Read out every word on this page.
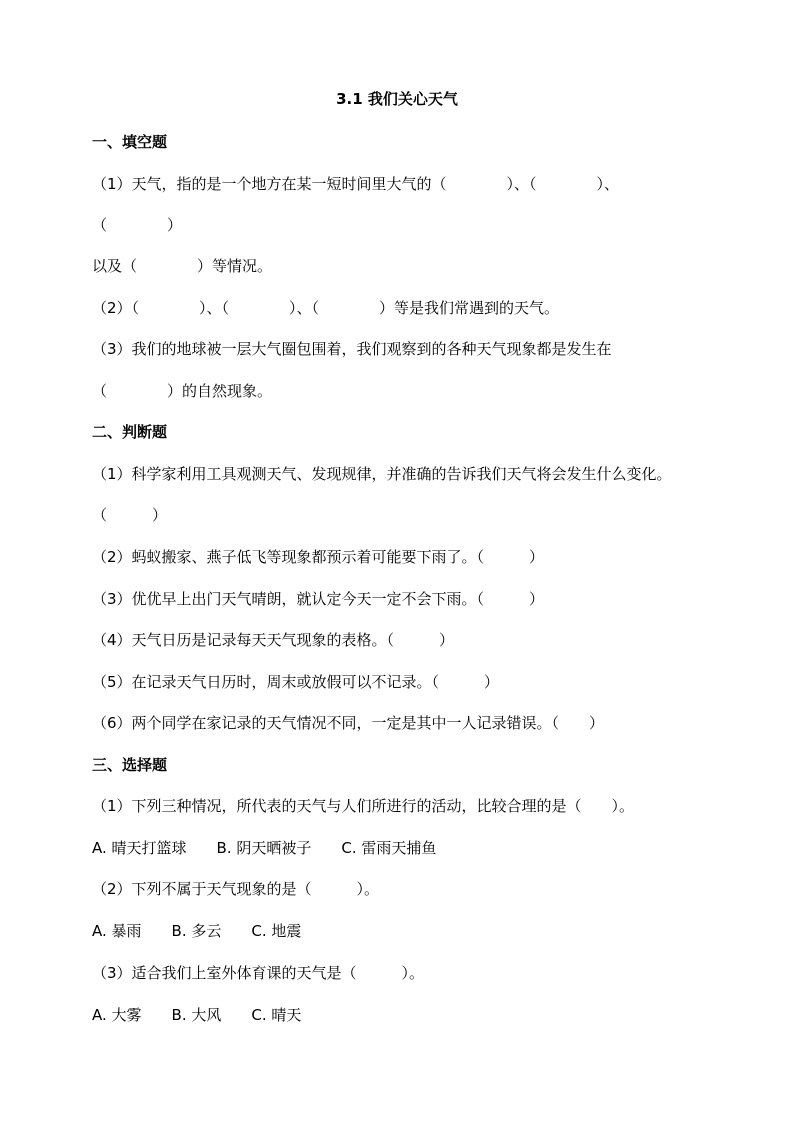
3.1 我们关心天气
一、填空题
（1）天气，指的是一个地方在某一短时间里大气的（　　　　）、（　　　　）、
（　　　　）
以及（　　　　）等情况。
（2）（　　　　）、（　　　　）、（　　　　）等是我们常遇到的天气。
（3）我们的地球被一层大气圈包围着，我们观察到的各种天气现象都是发生在
（　　　　）的自然现象。
二、判断题
（1）科学家利用工具观测天气、发现规律，并准确的告诉我们天气将会发生什么变化。
（　　　）
（2）蚂蚁搬家、燕子低飞等现象都预示着可能要下雨了。（　　　）
（3）优优早上出门天气晴朗，就认定今天一定不会下雨。（　　　）
（4）天气日历是记录每天天气现象的表格。（　　　）
（5）在记录天气日历时，周末或放假可以不记录。（　　　）
（6）两个同学在家记录的天气情况不同，一定是其中一人记录错误。（　　）
三、选择题
（1）下列三种情况，所代表的天气与人们所进行的活动，比较合理的是（　　）。
A. 晴天打篮球　　B. 阴天晒被子　　C. 雷雨天捕鱼
（2）下列不属于天气现象的是（　　　）。
A. 暴雨　　B. 多云　　C. 地震
（3）适合我们上室外体育课的天气是（　　　）。
A. 大雾　　B. 大风　　C. 晴天
